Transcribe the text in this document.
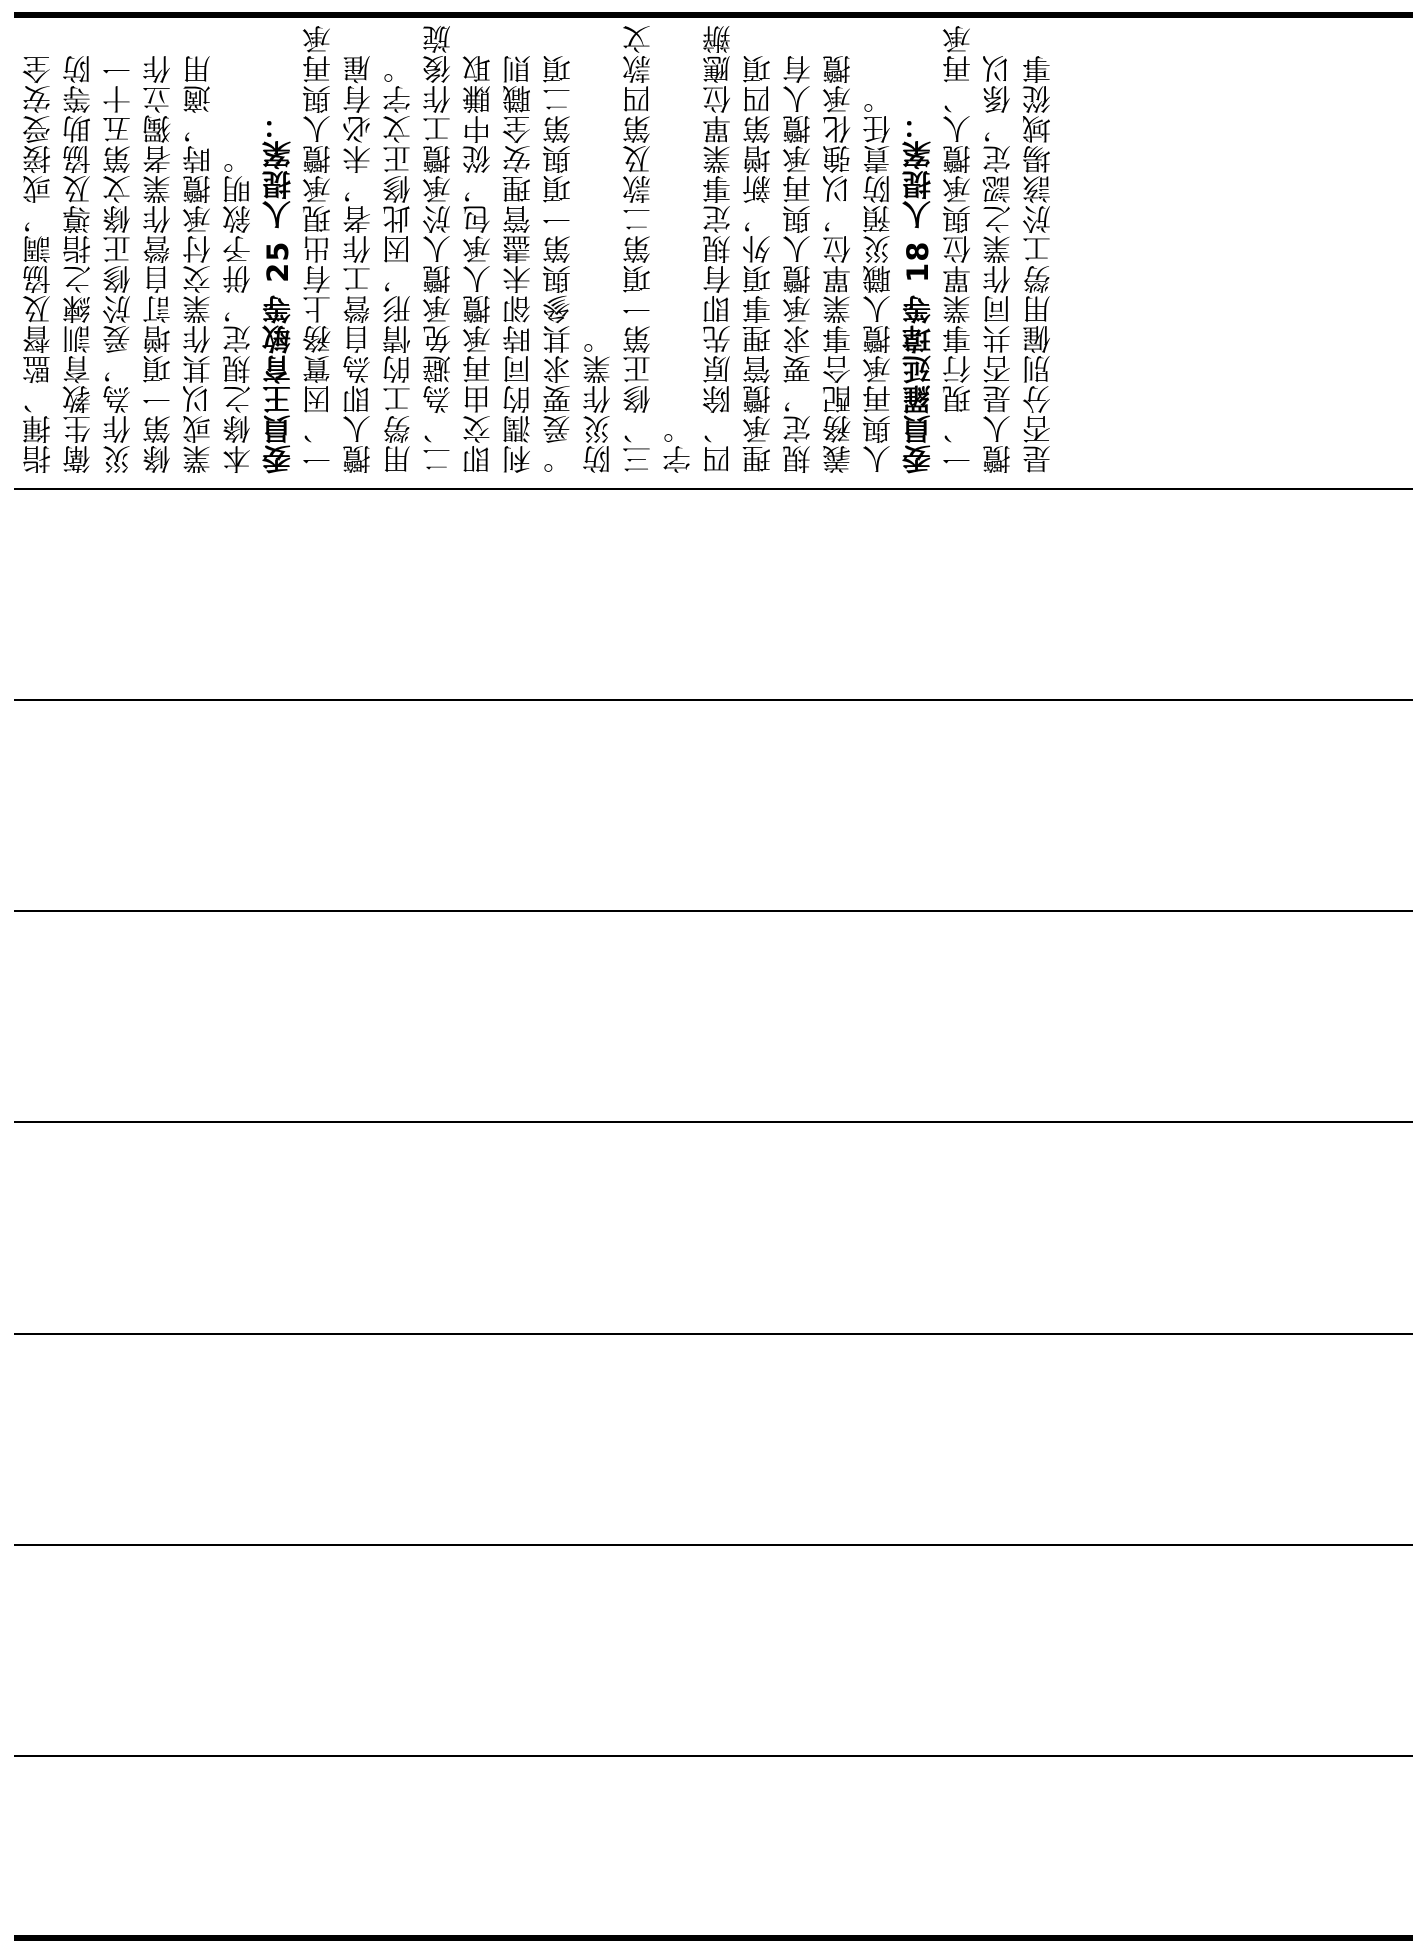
指揮、監督及協調，或接受安全 衛生教育訓練之指導及協助等防 災作為，爰於修正條文第五十一 條第一項增訂自營作業者獨立作 業或以其作業交付承攬時，適用 本條之規定，併予敘明。 委員王育敏等 25 人提案： 一、因實務上有出現承攬人與再承 攬人即為自營工作者，未必有雇 用勞工的情形，因此修正文字。 二、為避免承攬人於承攬工作後旋 即交由再承攬人承包，從中賺取 利潤的同時卻未盡管理安全職則 。爰要求其參與第一項與第二項 防災作業。 三、修正第一項第二款及第四款文 字。 四、除原先即有規定事業單位應辦 理承攬管理事項外，新增第四項 規定，要求承攬人與再承攬人有 義務配合事業單位，以強化承攬 人與再承攬人職災預防責任。 委員羅延瑋等 18 人提案： 一、現行事業單位與承攬人、再承 攬人是否共同作業之認定，係以 是否分別僱用勞工於該場域從事
